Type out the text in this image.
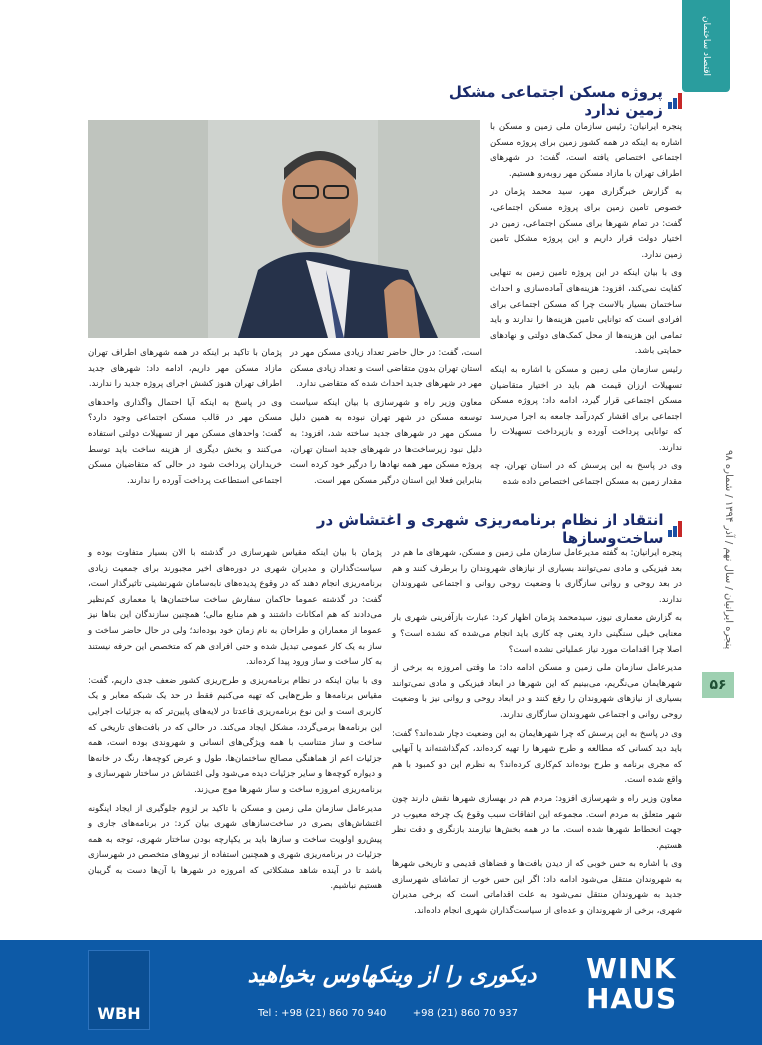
اقتصاد ساختمان
پنجره ایرانیان / سال نهم / آذر ۱۳۹۴ / شماره ۹۸
۵۶
پروژه مسکن اجتماعی مشکل زمین ندارد

پنجره ایرانیان: رئیس سازمان ملی زمین و مسکن با اشاره به اینکه در همه کشور زمین برای پروژه مسکن اجتماعی اختصاص یافته است، گفت: در شهرهای اطراف تهران با مازاد مسکن مهر روبه‌رو هستیم.

به گزارش خبرگزاری مهر، سید محمد پژمان در خصوص تامین زمین برای پروژه مسکن اجتماعی، گفت: در تمام شهرها برای مسکن اجتماعی، زمین در اختیار دولت قرار داریم و این پروژه مشکل تامین زمین ندارد.

وی با بیان اینکه در این پروژه تامین زمین به تنهایی کفایت نمی‌کند، افزود: هزینه‌های آماده‌سازی و احداث ساختمان بسیار بالاست چرا که مسکن اجتماعی برای افرادی است که توانایی تامین هزینه‌ها را ندارند و باید تمامی این هزینه‌ها از محل کمک‌های دولتی و نهادهای حمایتی باشد.

رئیس سازمان ملی زمین و مسکن با اشاره به اینکه تسهیلات ارزان قیمت هم باید در اختیار متقاضیان مسکن اجتماعی قرار گیرد، ادامه داد: پروژه مسکن اجتماعی برای اقشار کم‌درآمد جامعه به اجرا می‌رسد که توانایی پرداخت آورده و بازپرداخت تسهیلات را ندارند.

وی در پاسخ به این پرسش که در استان تهران، چه مقدار زمین به مسکن اجتماعی اختصاص داده شده

است، گفت: در حال حاضر تعداد زیادی مسکن مهر در استان تهران بدون متقاضی است و تعداد زیادی مسکن مهر در شهرهای جدید احداث شده که متقاضی ندارد.

معاون وزیر راه و شهرسازی با بیان اینکه سیاست توسعه مسکن در شهر تهران نبوده به همین دلیل مسکن مهر در شهرهای جدید ساخته شد، افزود: به دلیل نبود زیرساخت‌ها در شهرهای جدید استان تهران، پروژه مسکن مهر همه نهادها را درگیر خود کرده است بنابراین فعلا این استان درگیر مسکن مهر است.

پژمان با تاکید بر اینکه در همه شهرهای اطراف تهران مازاد مسکن مهر داریم، ادامه داد: شهرهای جدید اطراف تهران هنوز کشش اجرای پروژه جدید را ندارند.

وی در پاسخ به اینکه آیا احتمال واگذاری واحدهای مسکن مهر در قالب مسکن اجتماعی وجود دارد؟ گفت: واحدهای مسکن مهر از تسهیلات دولتی استفاده می‌کنند و بخش دیگری از هزینه ساخت باید توسط خریداران پرداخت شود در حالی که متقاضیان مسکن اجتماعی استطاعت پرداخت آورده را ندارند.

انتقاد از نظام برنامه‌ریزی شهری و اغتشاش در ساخت‌وسازها

پنجره ایرانیان: به گفته مدیرعامل سازمان ملی زمین و مسکن، شهرهای ما هم در بعد فیزیکی و مادی نمی‌توانند بسیاری از نیازهای شهروندان را برطرف کنند و هم در بعد روحی و روانی سازگاری با وضعیت روحی روانی و اجتماعی شهروندان ندارند.

به گزارش معماری نیوز، سیدمحمد پژمان اظهار کرد: عبارت بازآفرینی شهری بار معنایی خیلی سنگینی دارد یعنی چه کاری باید انجام می‌شده که نشده است؟ و اصلا چرا اقدامات مورد نیاز عملیاتی نشده است؟

مدیرعامل سازمان ملی زمین و مسکن ادامه داد: ما وقتی امروزه به برخی از شهرهایمان می‌نگریم، می‌بینیم که این شهرها در ابعاد فیزیکی و مادی نمی‌توانند بسیاری از نیازهای شهروندان را رفع کنند و در ابعاد روحی و روانی نیز با وضعیت روحی روانی و اجتماعی شهروندان سازگاری ندارند.

وی در پاسخ به این پرسش که چرا شهرهایمان به این وضعیت دچار شده‌اند؟ گفت: باید دید کسانی که مطالعه و طرح شهرها را تهیه کرده‌اند، کم‌گذاشته‌اند یا آنهایی که مجری برنامه و طرح بوده‌اند کم‌کاری کرده‌اند؟ به نظرم این دو کمبود با هم واقع شده است.

معاون وزیر راه و شهرسازی افزود: مردم هم در بهسازی شهرها نقش دارند چون شهر متعلق به مردم است. مجموعه این اتفاقات سبب وقوع یک چرخه معیوب در جهت انحطاط شهرها شده است. ما در همه بخش‌ها نیازمند بازنگری و دقت نظر هستیم.

وی با اشاره به حس خوبی که از دیدن بافت‌ها و فضاهای قدیمی و تاریخی شهرها به شهروندان منتقل می‌شود ادامه داد: اگر این حس خوب از تماشای شهرسازی جدید به شهروندان منتقل نمی‌شود به علت اقداماتی است که برخی مدیران شهری، برخی از شهروندان و عده‌ای از سیاست‌گذاران شهری انجام داده‌اند.

پژمان با بیان اینکه مقیاس شهرسازی در گذشته با الان بسیار متفاوت بوده و سیاست‌گذاران و مدیران شهری در دوره‌های اخیر مجبورند برای جمعیت زیادی برنامه‌ریزی انجام دهند که در وقوع پدیده‌های نابه‌سامان شهرنشینی تاثیرگذار است، گفت: در گذشته عموما حاکمان سفارش ساخت ساختمان‌ها یا معماری کم‌نظیر می‌دادند که هم امکانات داشتند و هم منابع مالی؛ همچنین سازندگان این بناها نیز عموما از معماران و طراحان به نام زمان خود بوده‌اند؛ ولی در حال حاضر ساخت و ساز به یک کار عمومی تبدیل شده و حتی افرادی هم که متخصص این حرفه نیستند به کار ساخت و ساز ورود پیدا کرده‌اند.

وی با بیان اینکه در نظام برنامه‌ریزی و طرح‌ریزی کشور ضعف جدی داریم، گفت: مقیاس برنامه‌ها و طرح‌هایی که تهیه می‌کنیم فقط در حد یک شبکه معابر و یک کاربری است و این نوع برنامه‌ریزی قاعدتا در لایه‌های پایین‌تر که به جزئیات اجرایی این برنامه‌ها برمی‌گردد، مشکل ایجاد می‌کند. در حالی که در بافت‌های تاریخی که ساخت و ساز متناسب با همه ویژگی‌های انسانی و شهروندی بوده است، همه جزئیات اعم از هماهنگی مصالح ساختمان‌ها، طول و عرض کوچه‌ها، رنگ در خانه‌ها و دیواره کوچه‌ها و سایر جزئیات دیده می‌شود ولی اغتشاش در ساختار شهرسازی و برنامه‌ریزی امروزه ساخت و ساز شهرها موج می‌زند.

مدیرعامل سازمان ملی زمین و مسکن با تاکید بر لزوم جلوگیری از ایجاد اینگونه اغتشاش‌های بصری در ساخت‌سازهای شهری بیان کرد: در برنامه‌های جاری و پیش‌رو اولویت ساخت و سازها باید بر یکپارچه بودن ساختار شهری، توجه به همه جزئیات در برنامه‌ریزی شهری و همچنین استفاده از نیروهای متخصص در شهرسازی باشد تا در آینده شاهد مشکلاتی که امروزه در شهرها با آن‌ها دست به گریبان هستیم نباشیم.

WBH
WINK
HAUS
دیکوری را از وینکهاوس بخواهید
Tel : +98 (21) 860 70 940	+98 (21) 860 70 937
